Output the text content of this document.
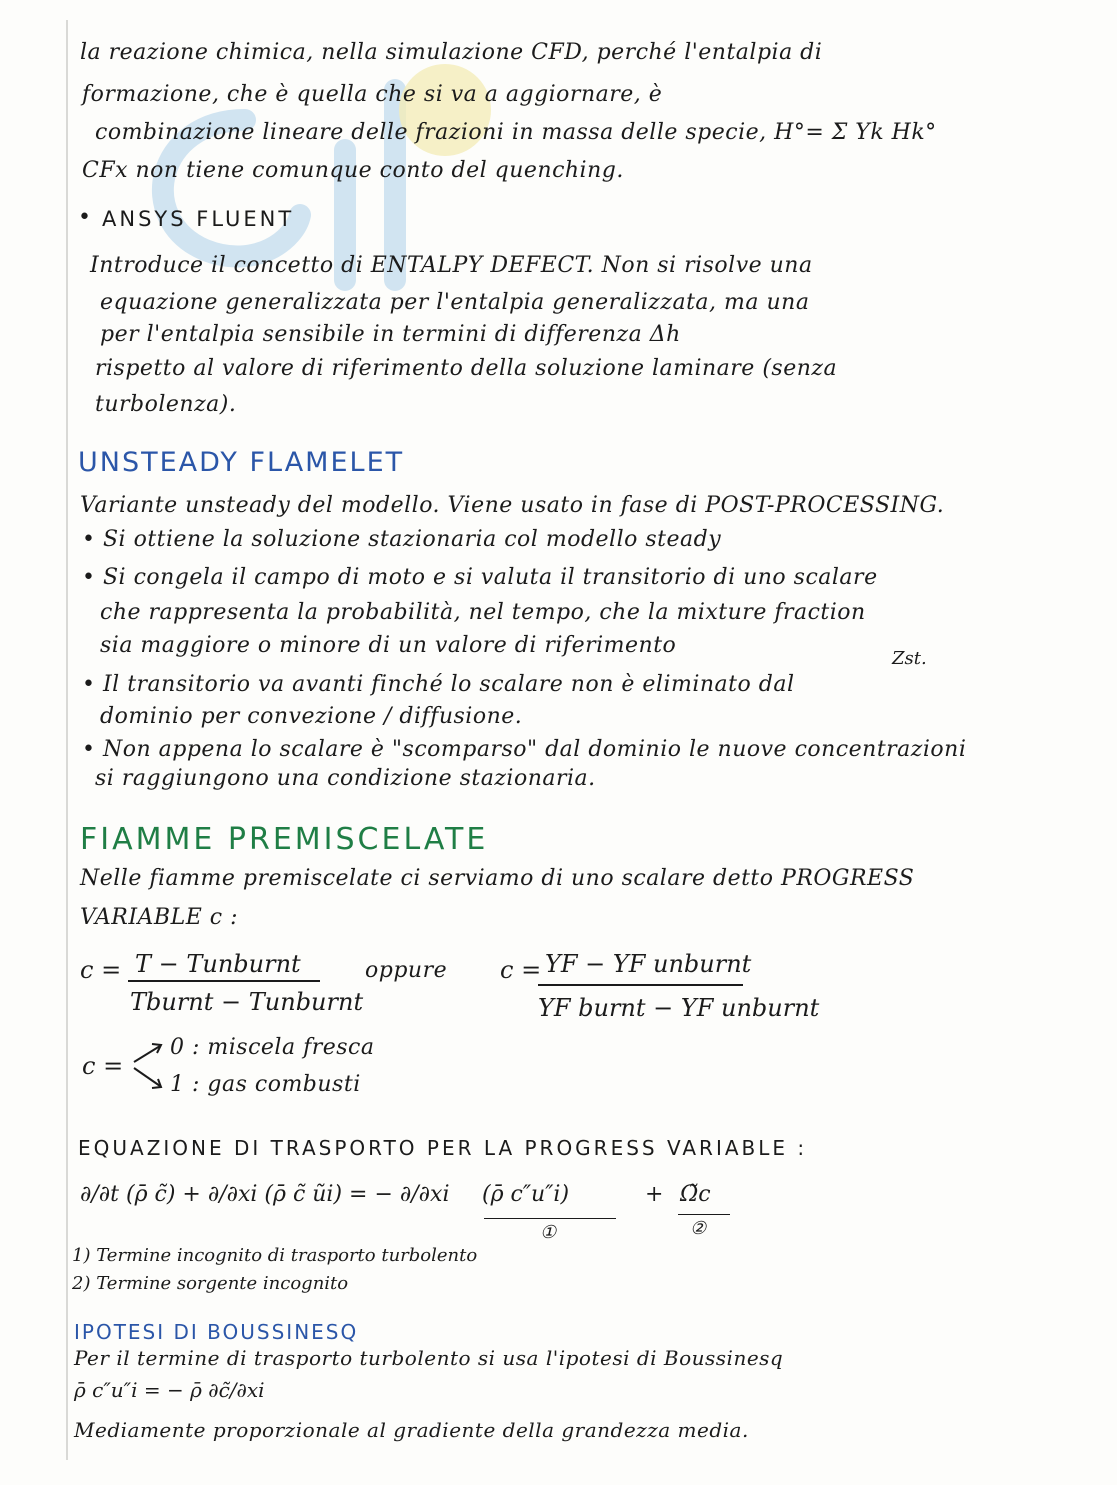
la reazione chimica, nella simulazione CFD, perché l'entalpia di
formazione, che è quella che si va a aggiornare, è
combinazione lineare delle frazioni in massa delle specie, H°= Σ Yk Hk°
CFx non tiene comunque conto del quenching.
• ANSYS FLUENT
Introduce il concetto di ENTALPY DEFECT. Non si risolve una
equazione generalizzata per l'entalpia generalizzata, ma una
per l'entalpia sensibile in termini di differenza Δh
rispetto al valore di riferimento della soluzione laminare (senza
turbolenza).
UNSTEADY FLAMELET
Variante unsteady del modello. Viene usato in fase di POST-PROCESSING.
• Si ottiene la soluzione stazionaria col modello steady
• Si congela il campo di moto e si valuta il transitorio di uno scalare
che rappresenta la probabilità, nel tempo, che la mixture fraction
sia maggiore o minore di un valore di riferimento
Zst.
• Il transitorio va avanti finché lo scalare non è eliminato dal
dominio per convezione / diffusione.
• Non appena lo scalare è "scomparso" dal dominio le nuove concentrazioni
si raggiungono una condizione stazionaria.
FIAMME PREMISCELATE
Nelle fiamme premiscelate ci serviamo di uno scalare detto PROGRESS
VARIABLE c :
c = T − Tunburnt
Tburnt − Tunburnt
oppure c = YF − YF unburnt
YF burnt − YF unburnt
c =
0 : miscela fresca
1 : gas combusti
EQUAZIONE DI TRASPORTO PER LA PROGRESS VARIABLE :
∂/∂t (ρ̄ c̃) + ∂/∂xi (ρ̄ c̃ ũi) = − ∂/∂xi (ρ̄ c″u″i)
①
+ Ω̃c
②
1) Termine incognito di trasporto turbolento
2) Termine sorgente incognito
IPOTESI DI BOUSSINESQ
Per il termine di trasporto turbolento si usa l'ipotesi di Boussinesq
ρ̄ c″u″i = − ρ̄ ∂c̃/∂xi
Mediamente proporzionale al gradiente della grandezza media.
